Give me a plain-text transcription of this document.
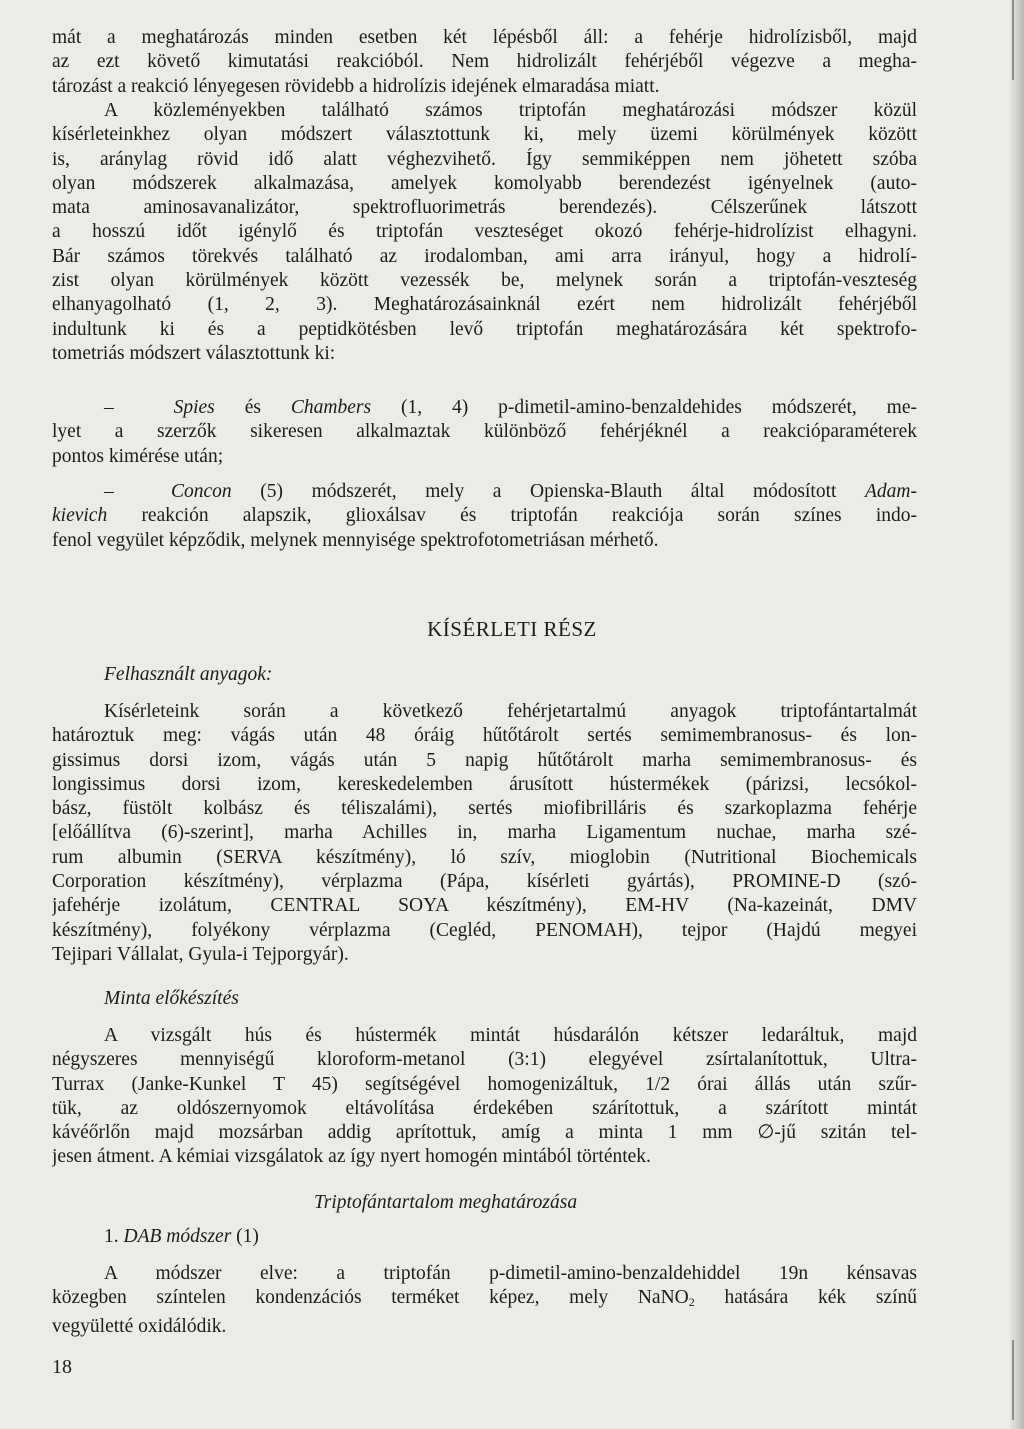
mát a meghatározás minden esetben két lépésből áll: a fehérje hidrolízisből, majd
az ezt követő kimutatási reakcióból. Nem hidrolizált fehérjéből végezve a megha-
tározást a reakció lényegesen rövidebb a hidrolízis idejének elmaradása miatt.
A közleményekben található számos triptofán meghatározási módszer közül
kísérleteinkhez olyan módszert választottunk ki, mely üzemi körülmények között
is, aránylag rövid idő alatt véghezvihető. Így semmiképpen nem jöhetett szóba
olyan módszerek alkalmazása, amelyek komolyabb berendezést igényelnek (auto-
mata aminosavanalizátor, spektrofluorimetrás berendezés). Célszerűnek látszott
a hosszú időt igénylő és triptofán veszteséget okozó fehérje-hidrolízist elhagyni.
Bár számos törekvés található az irodalomban, ami arra irányul, hogy a hidrolí-
zist olyan körülmények között vezessék be, melynek során a triptofán-veszteség
elhanyagolható (1, 2, 3). Meghatározásainknál ezért nem hidrolizált fehérjéből
indultunk ki és a peptidkötésben levő triptofán meghatározására két spektrofo-
tometriás módszert választottunk ki:
–	Spies és Chambers (1, 4) p-dimetil-amino-benzaldehides módszerét, me-
lyet a szerzők sikeresen alkalmaztak különböző fehérjéknél a reakcióparaméterek
pontos kimérése után;
–	Concon (5) módszerét, mely a Opienska-Blauth által módosított Adam-
kievich reakción alapszik, glioxálsav és triptofán reakciója során színes indo-
fenol vegyület képződik, melynek mennyisége spektrofotometriásan mérhető.
KÍSÉRLETI RÉSZ
Felhasznált anyagok:
Kísérleteink során a következő fehérjetartalmú anyagok triptofántartalmát
határoztuk meg: vágás után 48 óráig hűtőtárolt sertés semimembranosus- és lon-
gissimus dorsi izom, vágás után 5 napig hűtőtárolt marha semimembranosus- és
longissimus dorsi izom, kereskedelemben árusított hústermékek (párizsi, lecsókol-
bász, füstölt kolbász és téliszalámi), sertés miofibrilláris és szarkoplazma fehérje
[előállítva (6)-szerint], marha Achilles in, marha Ligamentum nuchae, marha szé-
rum albumin (SERVA készítmény), ló szív, mioglobin (Nutritional Biochemicals
Corporation készítmény), vérplazma (Pápa, kísérleti gyártás), PROMINE-D (szó-
jafehérje izolátum, CENTRAL SOYA készítmény), EM-HV (Na-kazeinát, DMV
készítmény), folyékony vérplazma (Cegléd, PENOMAH), tejpor (Hajdú megyei
Tejipari Vállalat, Gyula-i Tejporgyár).
Minta előkészítés
A vizsgált hús és hústermék mintát húsdarálón kétszer ledaráltuk, majd
négyszeres mennyiségű kloroform-metanol (3:1) elegyével zsírtalanítottuk, Ultra-
Turrax (Janke-Kunkel T 45) segítségével homogenizáltuk, 1/2 órai állás után szűr-
tük, az oldószernyomok eltávolítása érdekében szárítottuk, a szárított mintát
kávéőrlőn majd mozsárban addig aprítottuk, amíg a minta 1 mm ∅-jű szitán tel-
jesen átment. A kémiai vizsgálatok az így nyert homogén mintából történtek.
Triptofántartalom meghatározása
1. DAB módszer (1)
A módszer elve: a triptofán p-dimetil-amino-benzaldehiddel 19n kénsavas
közegben színtelen kondenzációs terméket képez, mely NaNO$_2$ hatására kék színű
vegyületté oxidálódik.
18
